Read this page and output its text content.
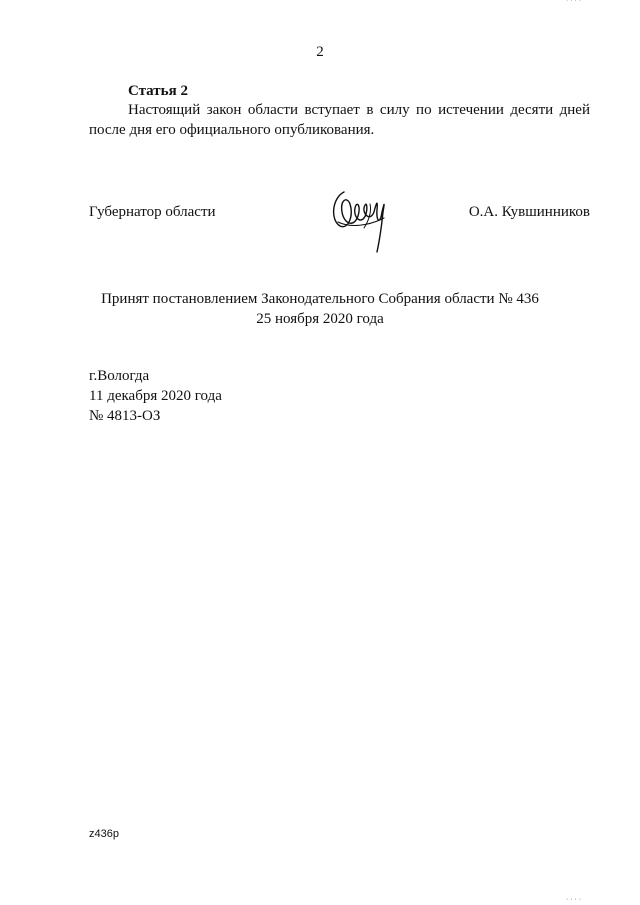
· · · ·
2
Статья 2

Настоящий закон области вступает в силу по истечении десяти дней после дня его официального опубликования.

Губернатор области	О.А. Кувшинников
Принят постановлением Законодательного Собрания области № 436
25 ноября 2020 года
г.Вологда
11 декабря 2020 года
№ 4813-ОЗ
z436p
· · · ·
